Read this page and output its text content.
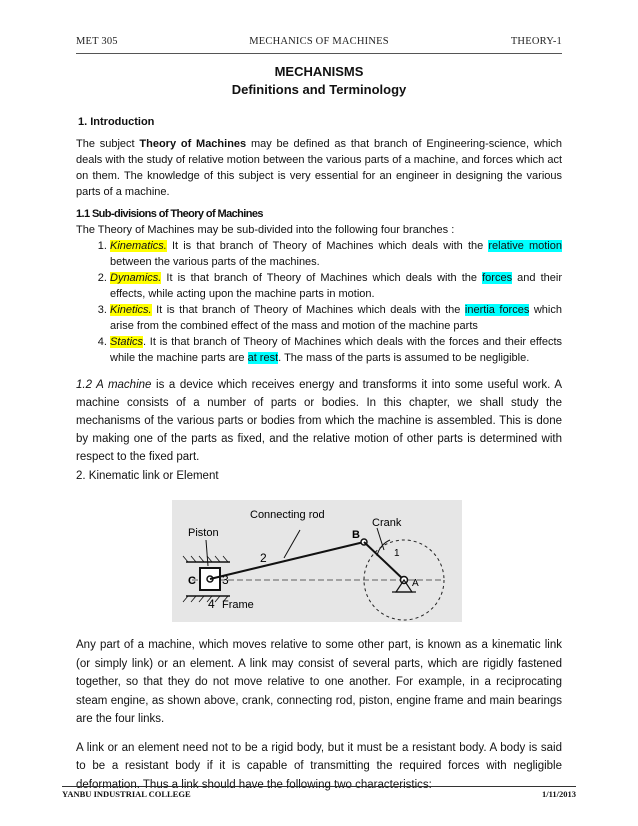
MET 305	MECHANICS OF MACHINES	THEORY-1
MECHANISMS
Definitions and Terminology
1. Introduction

The subject Theory of Machines may be defined as that branch of Engineering-science, which deals with the study of relative motion between the various parts of a machine, and forces which act on them. The knowledge of this subject is very essential for an engineer in designing the various parts of a machine.

1.1 Sub-divisions of Theory of Machines

The Theory of Machines may be sub-divided into the following four branches :

1. Kinematics. It is that branch of Theory of Machines which deals with the relative motion between the various parts of the machines.
2. Dynamics. It is that branch of Theory of Machines which deals with the forces and their effects, while acting upon the machine parts in motion.
3. Kinetics. It is that branch of Theory of Machines which deals with the inertia forces which arise from the combined effect of the mass and motion of the machine parts
4. Statics. It is that branch of Theory of Machines which deals with the forces and their effects while the machine parts are at rest. The mass of the parts is assumed to be negligible.

1.2 A machine is a device which receives energy and transforms it into some useful work. A machine consists of a number of parts or bodies. In this chapter, we shall study the mechanisms of the various parts or bodies from which the machine is assembled. This is done by making one of the parts as fixed, and the relative motion of other parts is determined with respect to the fixed part.

2. Kinematic link or Element
Connecting rod
Crank
Piston
Frame
B
C	A
2
3
4
1

Any part of a machine, which moves relative to some other part, is known as a kinematic link (or simply link) or an element. A link may consist of several parts, which are rigidly fastened together, so that they do not move relative to one another. For example, in a reciprocating steam engine, as shown above, crank, connecting rod, piston, engine frame and main bearings are the four links.

A link or an element need not to be a rigid body, but it must be a resistant body. A body is said to be a resistant body if it is capable of transmitting the required forces with negligible deformation. Thus a link should have the following two characteristics:

YANBU INDUSTRIAL COLLEGE	1/11/2013
